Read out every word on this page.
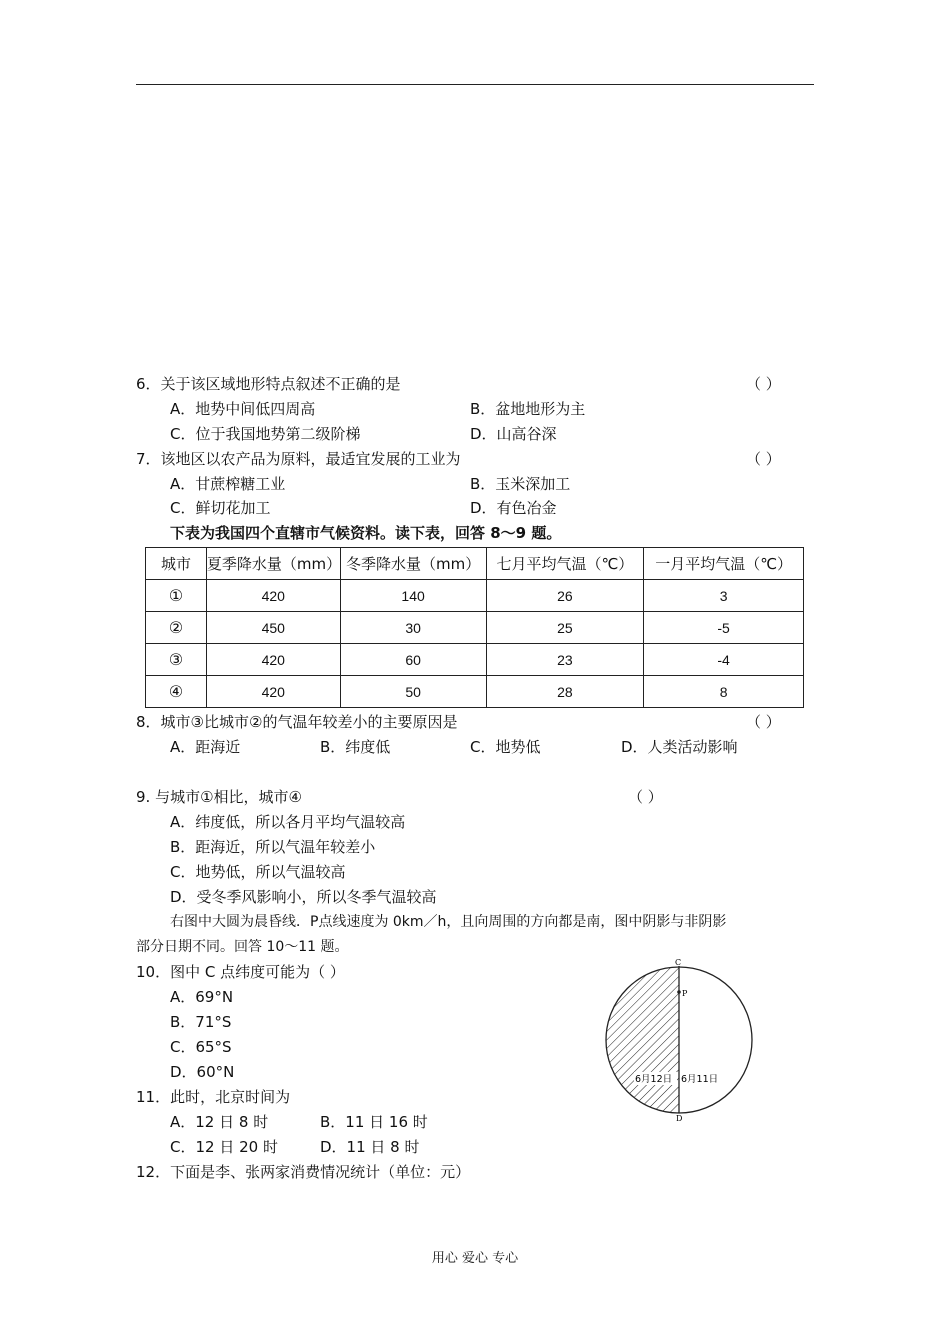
6．关于该区域地形特点叙述不正确的是	（ ）
A．地势中间低四周高	B．盆地地形为主
C．位于我国地势第二级阶梯	D．山高谷深
7．该地区以农产品为原料，最适宜发展的工业为	（ ）
A．甘蔗榨糖工业	B．玉米深加工
C．鲜切花加工	D．有色冶金
下表为我国四个直辖市气候资料。读下表，回答 8～9 题。
城市	夏季降水量（mm）	冬季降水量（mm）	七月平均气温（℃）	一月平均气温（℃）
①	420	140	26	3
②	450	30	25	-5
③	420	60	23	-4
④	420	50	28	8
8．城市③比城市②的气温年较差小的主要原因是	（ ）
A．距海近	B．纬度低	C．地势低	D．人类活动影响
9. 与城市①相比，城市④	（ ）
A．纬度低，所以各月平均气温较高
B．距海近，所以气温年较差小
C．地势低，所以气温较高
D．受冬季风影响小，所以冬季气温较高
右图中大圆为晨昏线．P点线速度为 0km／h，且向周围的方向都是南，图中阴影与非阴影
部分日期不同。回答 10～11 题。
10．图中 C 点纬度可能为（ ）
A．69°N
B．71°S
C．65°S
D．60°N
11．此时，北京时间为
A．12 日 8 时	B．11 日 16 时
C．12 日 20 时	D．11 日 8 时
12．下面是李、张两家消费情况统计（单位：元）
C
D
P
6月12日 6月11日
用心 爱心 专心
